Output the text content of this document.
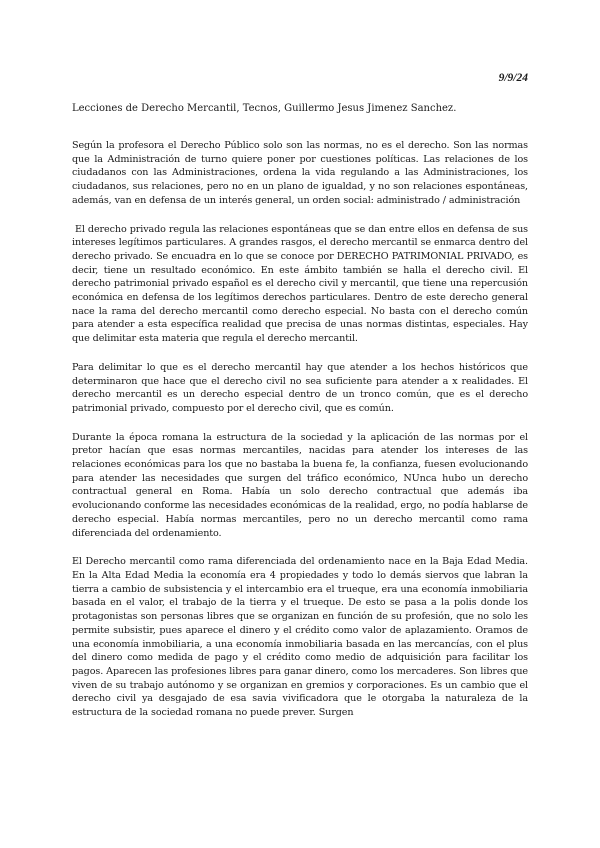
9/9/24
Lecciones de Derecho Mercantil, Tecnos, Guillermo Jesus Jimenez Sanchez.

Según la profesora el Derecho Público solo son las normas, no es el derecho. Son las normas que la Administración de turno quiere poner por cuestiones políticas. Las relaciones de los ciudadanos con las Administraciones, ordena la vida regulando a las Administraciones, los ciudadanos, sus relaciones, pero no en un plano de igualdad, y no son relaciones espontáneas, además, van en defensa de un interés general, un orden social: administrado / administración

El derecho privado regula las relaciones espontáneas que se dan entre ellos en defensa de sus intereses legítimos particulares. A grandes rasgos, el derecho mercantil se enmarca dentro del derecho privado. Se encuadra en lo que se conoce por DERECHO PATRIMONIAL PRIVADO, es decir, tiene un resultado económico. En este ámbito también se halla el derecho civil. El derecho patrimonial privado español es el derecho civil y mercantil, que tiene una repercusión económica en defensa de los legítimos derechos particulares. Dentro de este derecho general nace la rama del derecho mercantil como derecho especial. No basta con el derecho común para atender a esta específica realidad que precisa de unas normas distintas, especiales. Hay que delimitar esta materia que regula el derecho mercantil.

Para delimitar lo que es el derecho mercantil hay que atender a los hechos históricos que determinaron que hace que el derecho civil no sea suficiente para atender a x realidades. El derecho mercantil es un derecho especial dentro de un tronco común, que es el derecho patrimonial privado, compuesto por el derecho civil, que es común.

Durante la época romana la estructura de la sociedad y la aplicación de las normas por el pretor hacían que esas normas mercantiles, nacidas para atender los intereses de las relaciones económicas para los que no bastaba la buena fe, la confianza, fuesen evolucionando para atender las necesidades que surgen del tráfico económico, NUnca hubo un derecho contractual general en Roma. Había un solo derecho contractual que además iba evolucionando conforme las necesidades económicas de la realidad, ergo, no podía hablarse de derecho especial. Había normas mercantiles, pero no un derecho mercantil como rama diferenciada del ordenamiento.

El Derecho mercantil como rama diferenciada del ordenamiento nace en la Baja Edad Media. En la Alta Edad Media la economía era 4 propiedades y todo lo demás siervos que labran la tierra a cambio de subsistencia y el intercambio era el trueque, era una economía inmobiliaria basada en el valor, el trabajo de la tierra y el trueque. De esto se pasa a la polis donde los protagonistas son personas libres que se organizan en función de su profesión, que no solo les permite subsistir, pues aparece el dinero y el crédito como valor de aplazamiento. Oramos de una economía inmobiliaria, a una economía inmobiliaria basada en las mercancías, con el plus del dinero como medida de pago y el crédito como medio de adquisición para facilitar los pagos. Aparecen las profesiones libres para ganar dinero, como los mercaderes. Son libres que viven de su trabajo autónomo y se organizan en gremios y corporaciones. Es un cambio que el derecho civil ya desgajado de esa savia vivificadora que le otorgaba la naturaleza de la estructura de la sociedad romana no puede prever. Surgen
